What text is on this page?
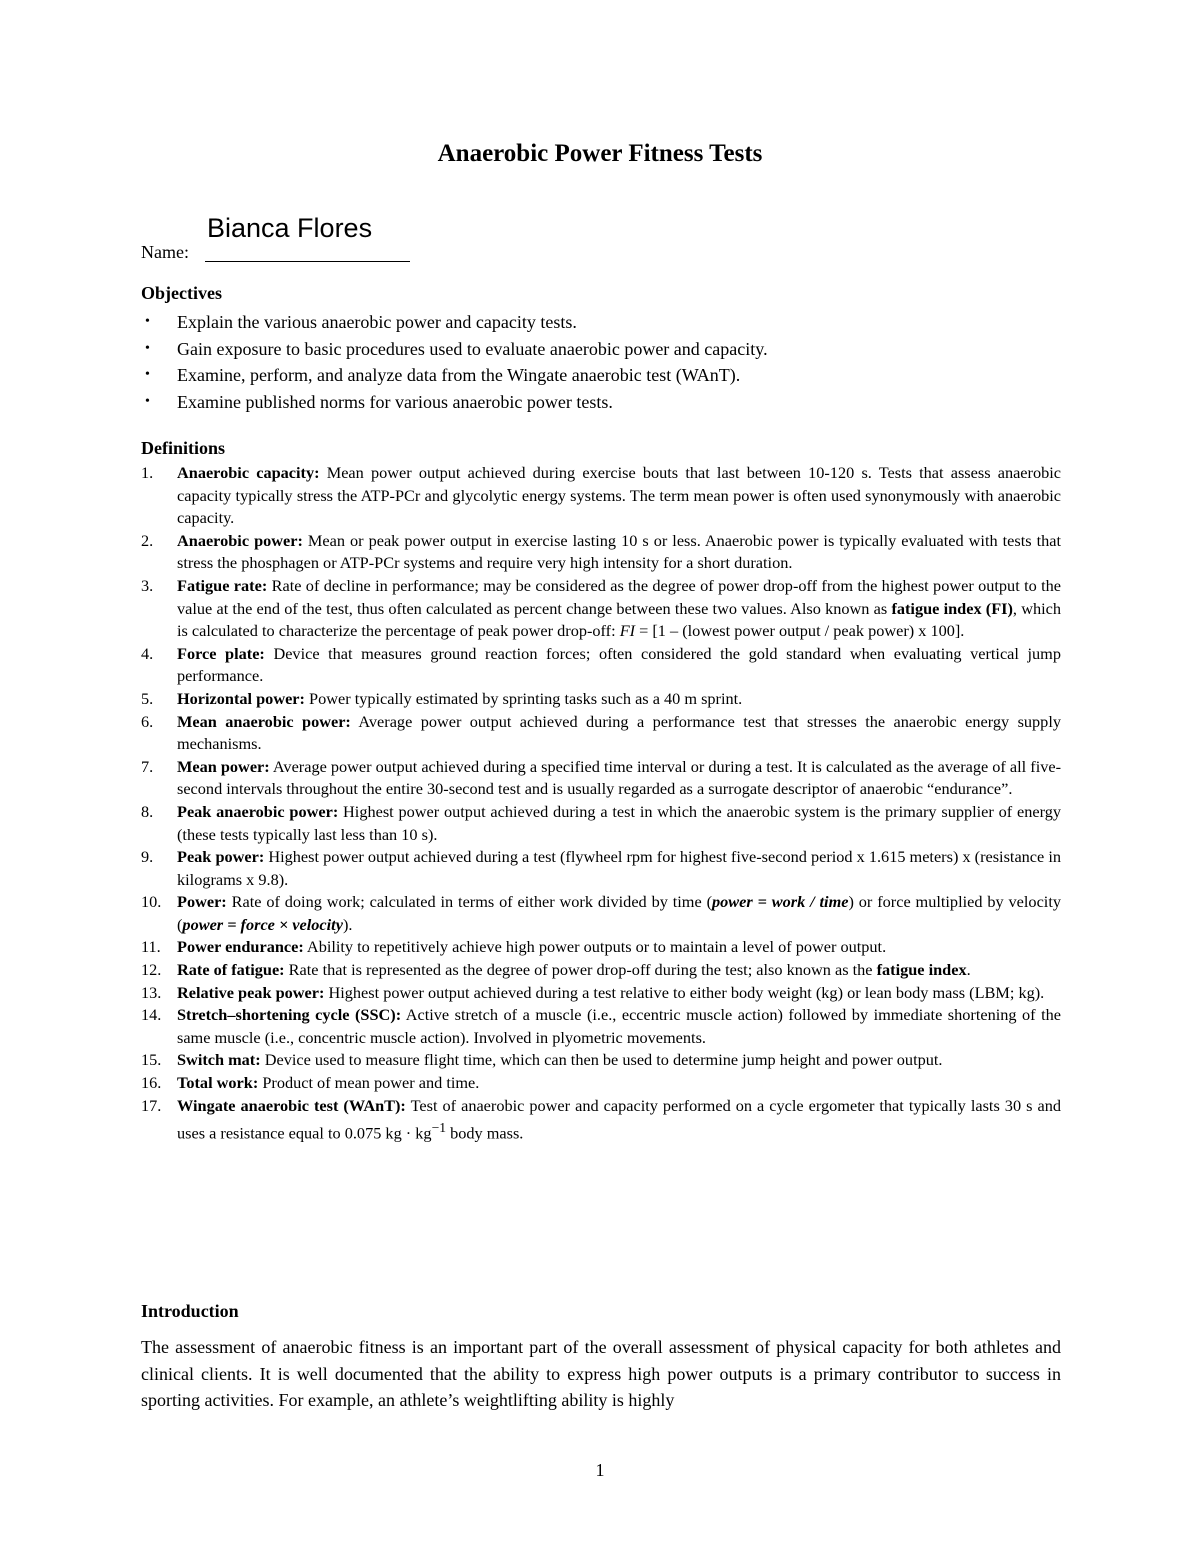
Anaerobic Power Fitness Tests
Bianca Flores
Name:
Objectives
• Explain the various anaerobic power and capacity tests.
• Gain exposure to basic procedures used to evaluate anaerobic power and capacity.
• Examine, perform, and analyze data from the Wingate anaerobic test (WAnT).
• Examine published norms for various anaerobic power tests.
Definitions
1. Anaerobic capacity: Mean power output achieved during exercise bouts that last between 10-120 s. Tests that assess anaerobic capacity typically stress the ATP-PCr and glycolytic energy systems. The term mean power is often used synonymously with anaerobic capacity.
2. Anaerobic power: Mean or peak power output in exercise lasting 10 s or less. Anaerobic power is typically evaluated with tests that stress the phosphagen or ATP-PCr systems and require very high intensity for a short duration.
3. Fatigue rate: Rate of decline in performance; may be considered as the degree of power drop-off from the highest power output to the value at the end of the test, thus often calculated as percent change between these two values. Also known as fatigue index (FI), which is calculated to characterize the percentage of peak power drop-off: FI = [1 – (lowest power output / peak power) x 100].
4. Force plate: Device that measures ground reaction forces; often considered the gold standard when evaluating vertical jump performance.
5. Horizontal power: Power typically estimated by sprinting tasks such as a 40 m sprint.
6. Mean anaerobic power: Average power output achieved during a performance test that stresses the anaerobic energy supply mechanisms.
7. Mean power: Average power output achieved during a specified time interval or during a test. It is calculated as the average of all five-second intervals throughout the entire 30-second test and is usually regarded as a surrogate descriptor of anaerobic “endurance”.
8. Peak anaerobic power: Highest power output achieved during a test in which the anaerobic system is the primary supplier of energy (these tests typically last less than 10 s).
9. Peak power: Highest power output achieved during a test (flywheel rpm for highest five-second period x 1.615 meters) x (resistance in kilograms x 9.8).
10. Power: Rate of doing work; calculated in terms of either work divided by time (power = work / time) or force multiplied by velocity (power = force × velocity).
11. Power endurance: Ability to repetitively achieve high power outputs or to maintain a level of power output.
12. Rate of fatigue: Rate that is represented as the degree of power drop-off during the test; also known as the fatigue index.
13. Relative peak power: Highest power output achieved during a test relative to either body weight (kg) or lean body mass (LBM; kg).
14. Stretch–shortening cycle (SSC): Active stretch of a muscle (i.e., eccentric muscle action) followed by immediate shortening of the same muscle (i.e., concentric muscle action). Involved in plyometric movements.
15. Switch mat: Device used to measure flight time, which can then be used to determine jump height and power output.
16. Total work: Product of mean power and time.
17. Wingate anaerobic test (WAnT): Test of anaerobic power and capacity performed on a cycle ergometer that typically lasts 30 s and uses a resistance equal to 0.075 kg · $kg^{-1}$ body mass.
Introduction

The assessment of anaerobic fitness is an important part of the overall assessment of physical capacity for both athletes and clinical clients. It is well documented that the ability to express high power outputs is a primary contributor to success in sporting activities. For example, an athlete’s weightlifting ability is highly

1
